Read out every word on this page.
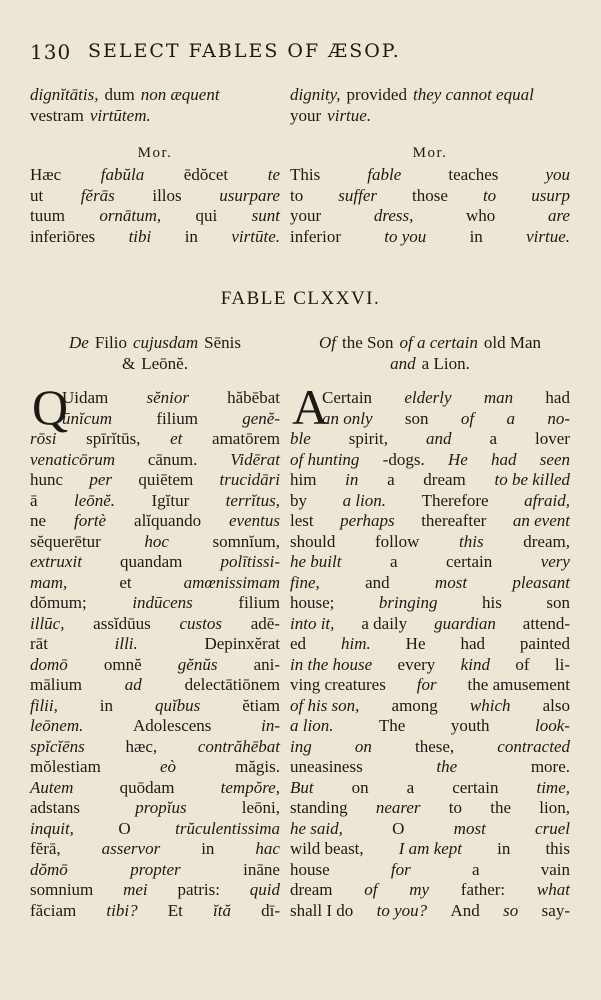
130 SELECT FABLES OF ÆSOP.
dignĭtātis, dum non æquent
vestram virtūtem.
dignity, provided they cannot equal
your virtue.
Mor.	Mor.
Hæc fabŭla ēdŏcet te
ut fĕrās illos usurpare
tuum ornātum, qui sunt
inferiōres tibi in virtūte.
This	fable	teaches	you
to suffer those to usurp
your	dress,	who	are
inferior	to you	in	virtue.
FABLE CLXXVI.
De Filio cujusdam Sēnis
& Leōnĕ.
Of the Son of a certain old Man
and a Lion.
Q	A
Uidam sĕnior hăbēbat
ūnĭcum	filium	genĕ-
rōsi spīrĭtūs, et amatōrem
venaticōrum cānum. Vidērat
hunc per quiētem trucidāri
ā leōnĕ. Igĭtur terrĭtus,
ne fortè alĭquando eventus
sĕquerētur	hoc	somnĭum,
extruxit quandam polītissi-
mam,	et	amœnissimam
dŏmum;	indūcens	filium
illūc, assĭdūus custos adē-
rāt	illi.	Depinxĕrat
domō omnĕ gĕnŭs ani-
mālium	ad	delectātiōnem
filii, in quĭbus ĕtiam
leōnem.	Adolescens	in-
spĭcĭēns hæc, contrăhēbat
mŏlestiam	eò	măgis.
Autem	quōdam	tempŏre,
adstans	propĭus	leōni,
inquit,	O	trŭculentissima
fĕrā, asservor in hac
dŏmō	propter	ināne
somnium mei patris: quid
făciam tibi? Et ĭtă dī-
Certain elderly man had
an only son of a no-
ble spirit, and a lover
of hunting -dogs. He had seen
him in a dream to be killed
by a lion. Therefore afraid,
lest perhaps thereafter an event
should follow this dream,
he built	a	certain	very
fine,	and	most	pleasant
house;	bringing	his	son
into it, a daily guardian attend-
ed him. He had painted
in the house every kind of li-
ving creatures for the amusement
of his son, among which also
a lion.	The	youth	look-
ing	on	these,	contracted
uneasiness	the	more.
But on a certain time,
standing nearer to the lion,
he said,	O	most	cruel
wild beast, I am kept in this
house	for	a	vain
dream of my father: what
shall I do to you? And so say-
